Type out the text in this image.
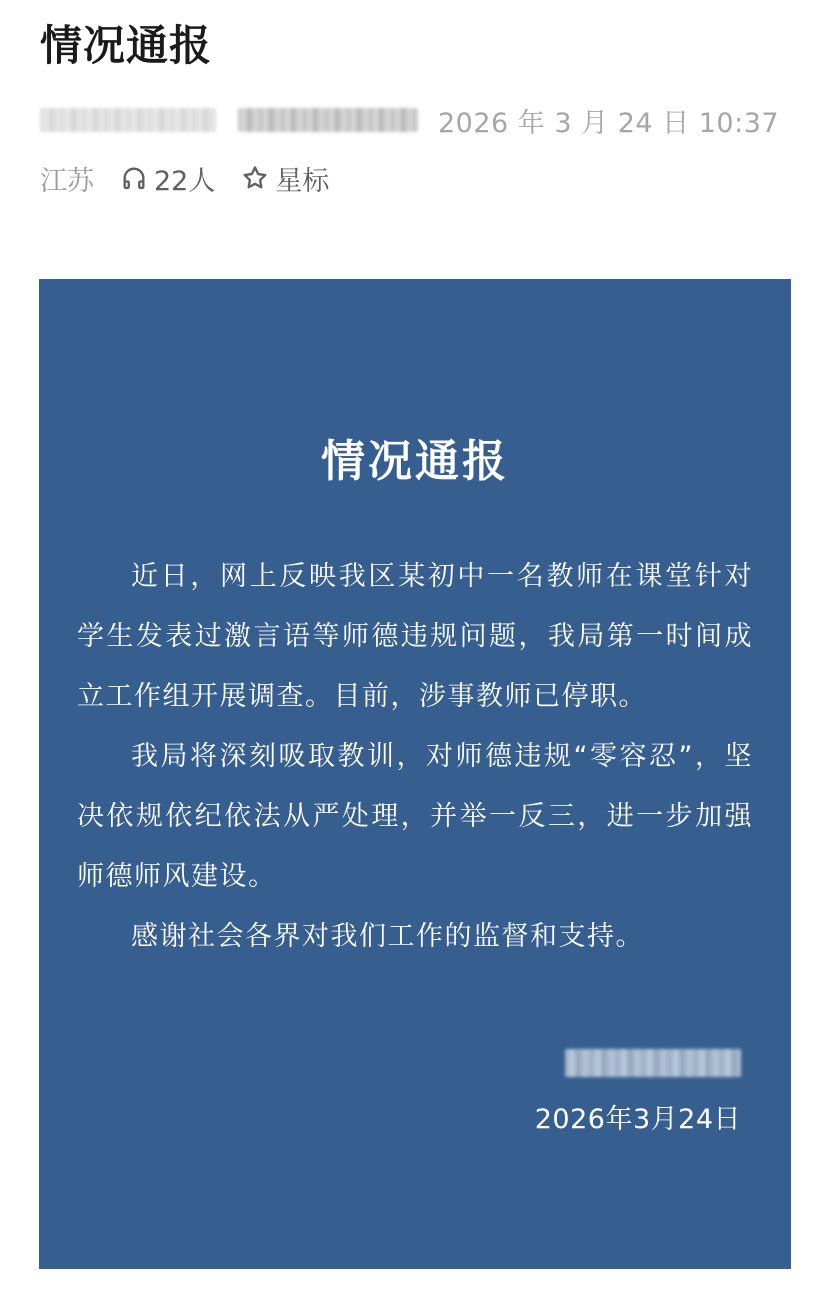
情况通报
2026 年 3 月 24 日 10:37
江苏 22人 星标
情况通报

近日，网上反映我区某初中一名教师在课堂针对学生发表过激言语等师德违规问题，我局第一时间成立工作组开展调查。目前，涉事教师已停职。

我局将深刻吸取教训，对师德违规“零容忍”，坚决依规依纪依法从严处理，并举一反三，进一步加强师德师风建设。

感谢社会各界对我们工作的监督和支持。

2026年3月24日
